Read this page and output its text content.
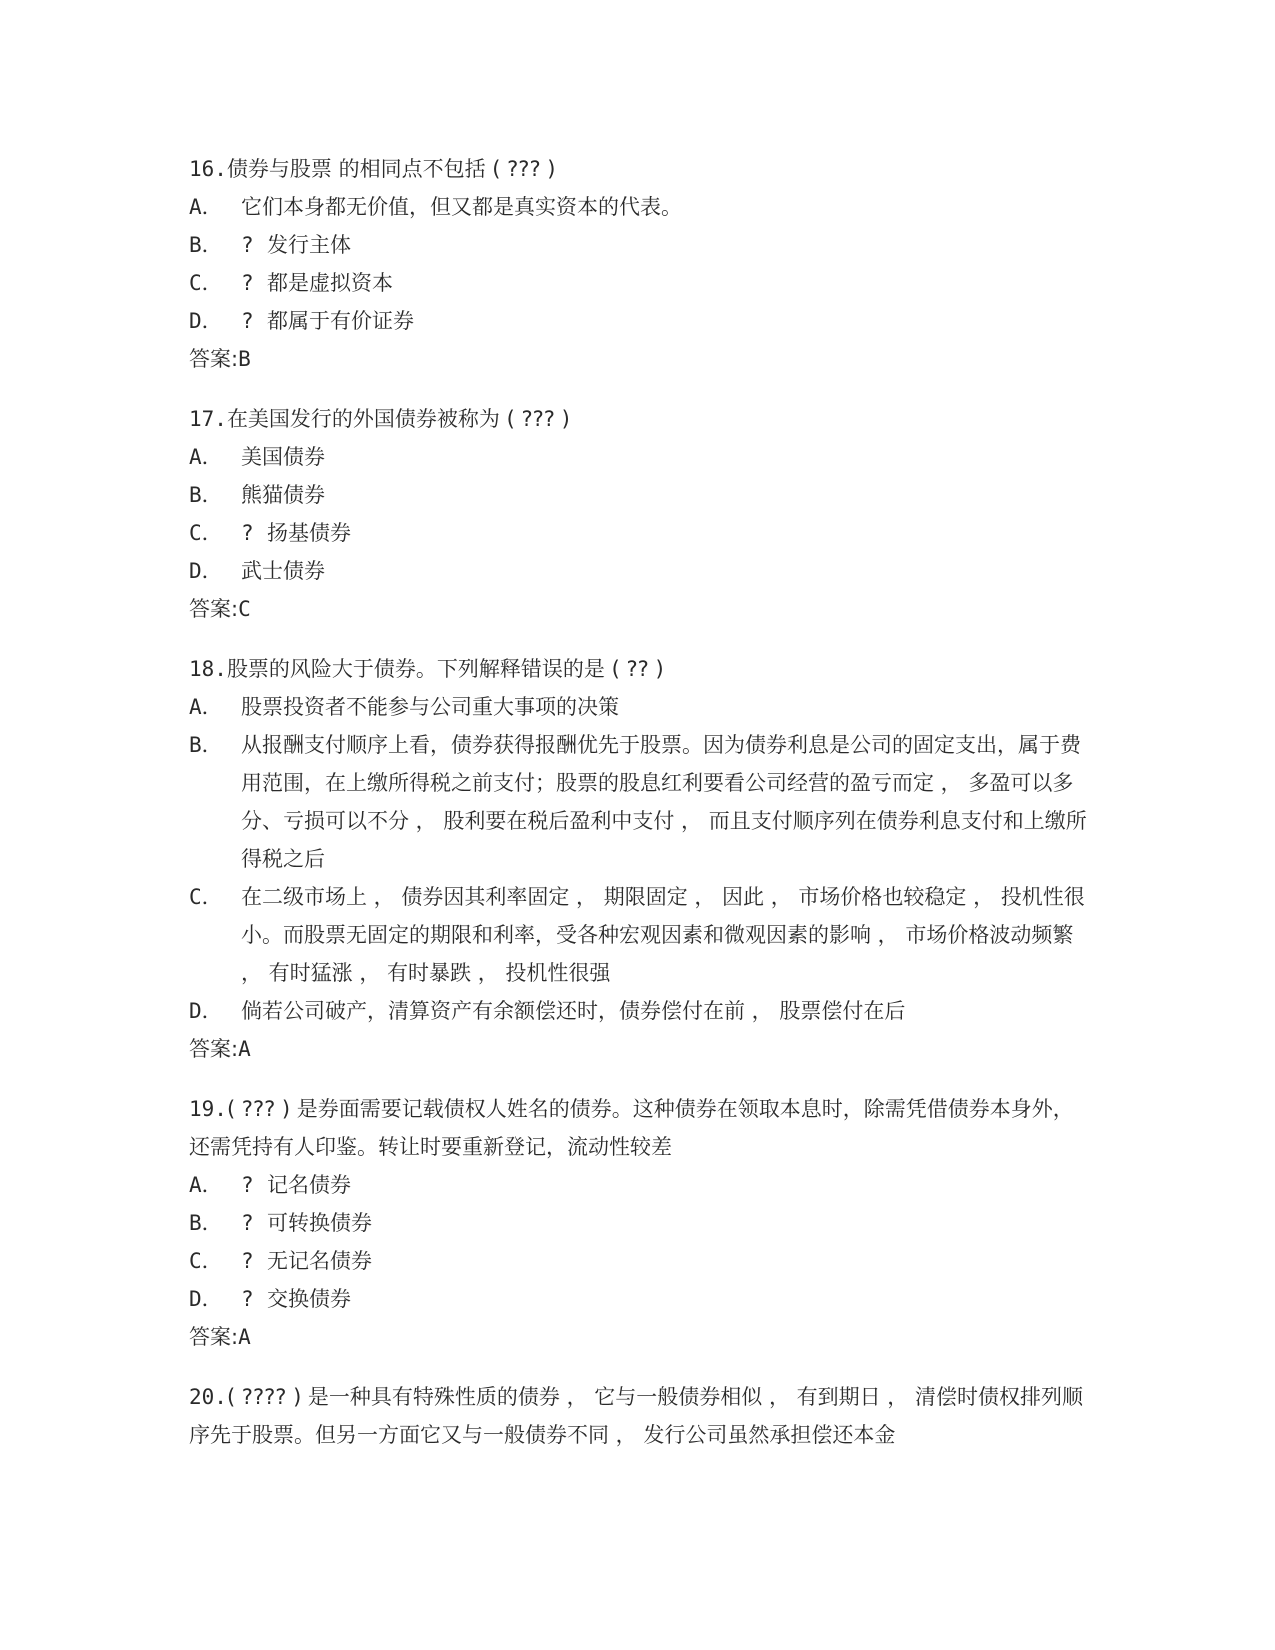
16.债券与股票 的相同点不包括 ( ??? )
A． 它们本身都无价值，但又都是真实资本的代表。
B． ? 发行主体
C． ? 都是虚拟资本
D． ? 都属于有价证券
答案:B
17.在美国发行的外国债券被称为 ( ??? )
A． 美国债券
B． 熊猫债券
C． ? 扬基债券
D． 武士债券
答案:C
18.股票的风险大于债券。下列解释错误的是 ( ?? )
A． 股票投资者不能参与公司重大事项的决策
B． 从报酬支付顺序上看，债券获得报酬优先于股票。因为债券利息是公司的固定支出，属于费用范围，在上缴所得税之前支付；股票的股息红利要看公司经营的盈亏而定 ， 多盈可以多分、亏损可以不分 ， 股利要在税后盈利中支付 ， 而且支付顺序列在债券利息支付和上缴所得税之后
C． 在二级市场上 ， 债券因其利率固定 ， 期限固定 ， 因此 ， 市场价格也较稳定 ， 投机性很小。而股票无固定的期限和利率，受各种宏观因素和微观因素的影响 ， 市场价格波动频繁 ， 有时猛涨 ， 有时暴跌 ， 投机性很强
D． 倘若公司破产，清算资产有余额偿还时，债券偿付在前 ， 股票偿付在后
答案:A
19.( ??? ) 是券面需要记载债权人姓名的债券。这种债券在领取本息时，除需凭借债券本身外，还需凭持有人印鉴。转让时要重新登记，流动性较差
A． ? 记名债券
B． ? 可转换债券
C． ? 无记名债券
D． ? 交换债券
答案:A
20.( ???? ) 是一种具有特殊性质的债券 ， 它与一般债券相似 ， 有到期日 ， 清偿时债权排列顺序先于股票。但另一方面它又与一般债券不同 ， 发行公司虽然承担偿还本金
